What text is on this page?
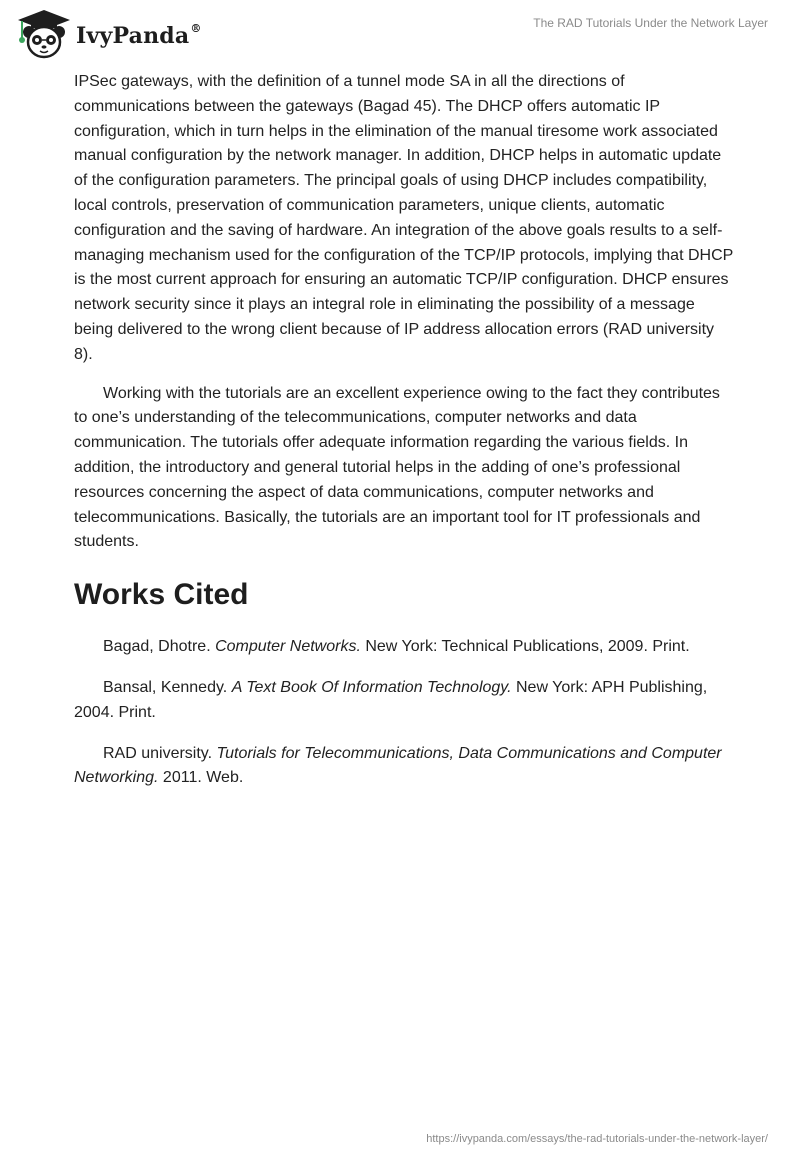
IvyPanda®	The RAD Tutorials Under the Network Layer

IPSec gateways, with the definition of a tunnel mode SA in all the directions of communications between the gateways (Bagad 45). The DHCP offers automatic IP configuration, which in turn helps in the elimination of the manual tiresome work associated manual configuration by the network manager. In addition, DHCP helps in automatic update of the configuration parameters. The principal goals of using DHCP includes compatibility, local controls, preservation of communication parameters, unique clients, automatic configuration and the saving of hardware. An integration of the above goals results to a self-managing mechanism used for the configuration of the TCP/IP protocols, implying that DHCP is the most current approach for ensuring an automatic TCP/IP configuration. DHCP ensures network security since it plays an integral role in eliminating the possibility of a message being delivered to the wrong client because of IP address allocation errors (RAD university 8).

Working with the tutorials are an excellent experience owing to the fact they contributes to one’s understanding of the telecommunications, computer networks and data communication. The tutorials offer adequate information regarding the various fields. In addition, the introductory and general tutorial helps in the adding of one’s professional resources concerning the aspect of data communications, computer networks and telecommunications. Basically, the tutorials are an important tool for IT professionals and students.

Works Cited

Bagad, Dhotre. Computer Networks. New York: Technical Publications, 2009. Print.

Bansal, Kennedy. A Text Book Of Information Technology. New York: APH Publishing, 2004. Print.

RAD university. Tutorials for Telecommunications, Data Communications and Computer Networking. 2011. Web.

https://ivypanda.com/essays/the-rad-tutorials-under-the-network-layer/
